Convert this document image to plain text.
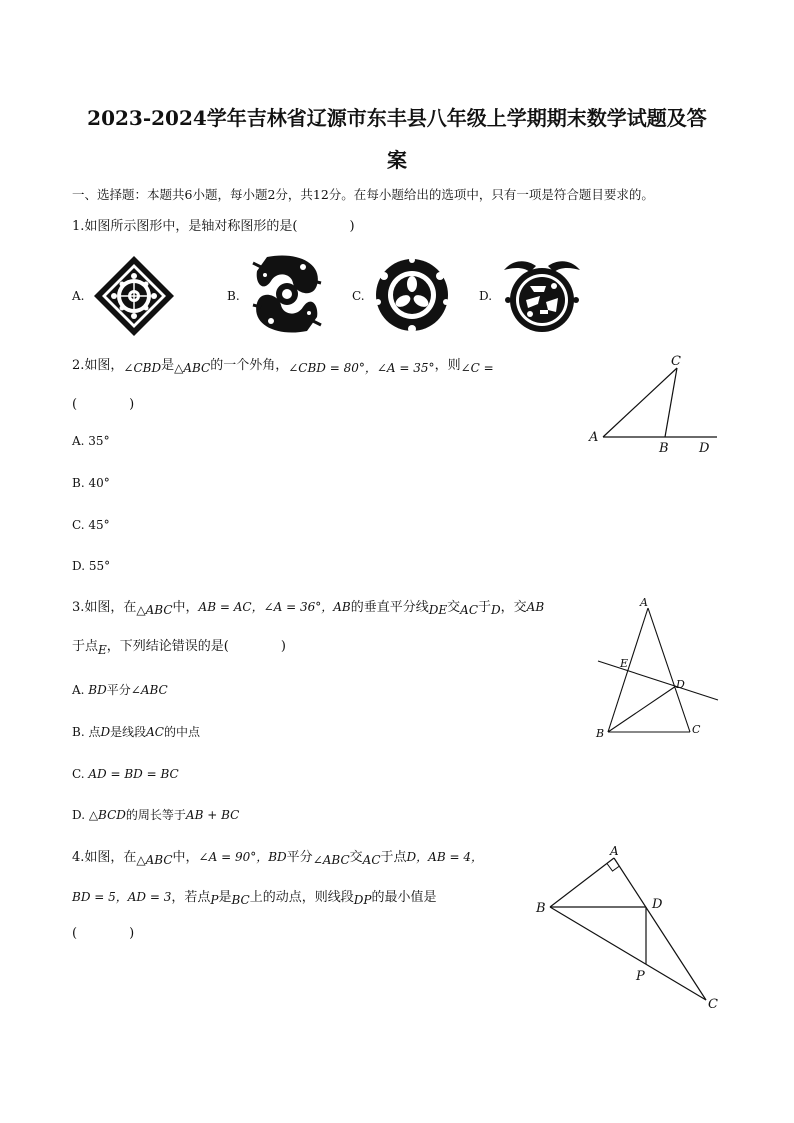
2023-2024学年吉林省辽源市东丰县八年级上学期期末数学试题及答
案
一、选择题：本题共6小题，每小题2分，共12分。在每小题给出的选项中，只有一项是符合题目要求的。
1.如图所示图形中，是轴对称图形的是(　　　　)
A.	B.	C.	D.
2.如图，∠CBD是△ABC的一个外角，∠CBD = 80°，∠A = 35°，则∠C =
(　　　　)
A. 35°
B. 40°
C. 45°
D. 55°
A
B
C
D
3.如图，在△ABC中，AB = AC，∠A = 36°，AB的垂直平分线DE交AC于D，交AB
于点E，下列结论错误的是(　　　　)
A. BD平分∠ABC
B. 点D是线段AC的中点
C. AD = BD = BC
D. △BCD的周长等于AB + BC
A
E
D
B	C
4.如图，在△ABC中，∠A = 90°，BD平分∠ABC交AC于点D，AB = 4，
BD = 5，AD = 3，若点P是BC上的动点，则线段DP的最小值是
(　　　　)
A
B	D
P
C
